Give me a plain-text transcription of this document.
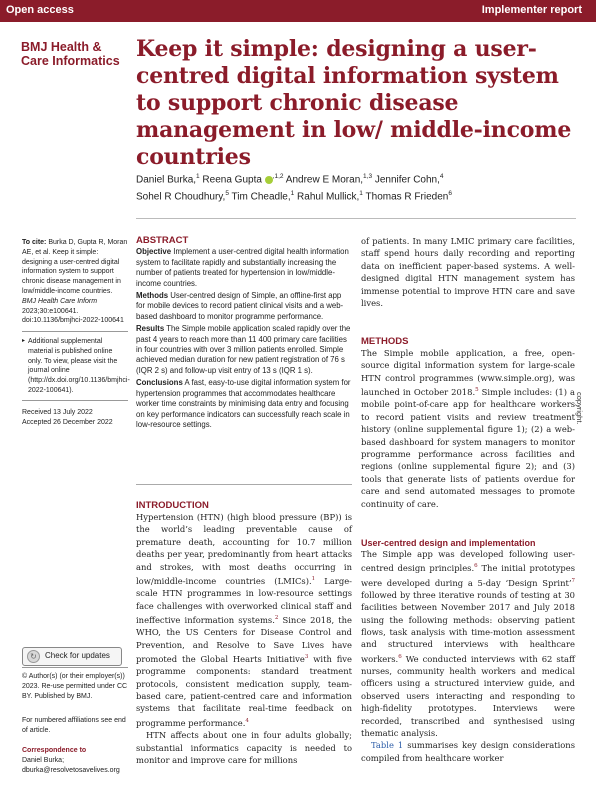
Open access	Implementer report
BMJ Health &
Care Informatics Keep it simple: designing a user-centred digital information system to support chronic disease management in low/ middle-income countries
Daniel Burka,$^1$ Reena Gupta $^{,1,2}$ Andrew E Moran,$^{1,3}$ Jennifer Cohn,$^4$
Sohel R Choudhury,$^5$ Tim Cheadle,$^1$ Rahul Mullick,$^1$ Thomas R Frieden$^6$

To cite: Burka D, Gupta R, Moran AE, et al. Keep it simple: designing a user-centred digital information system to support chronic disease management in low/middle-income countries. BMJ Health Care Inform 2023;30:e100641. doi:10.1136/bmjhci-2022-100641

▸ Additional supplemental material is published online only. To view, please visit the journal online (http://dx.doi.org/10.1136/bmjhci-2022-100641).

Received 13 July 2022

Accepted 26 December 2022

↻	Check for updates

© Author(s) (or their employer(s)) 2023. Re-use permitted under CC BY. Published by BMJ.

For numbered affiliations see end of article.

Correspondence to

Daniel Burka;

dburka@resolvetosavelives.org

ABSTRACT

Objective Implement a user-centred digital health information system to facilitate rapidly and substantially increasing the number of patients treated for hypertension in low/middle-income countries.

Methods User-centred design of Simple, an offline-first app for mobile devices to record patient clinical visits and a web-based dashboard to monitor programme performance.

Results The Simple mobile application scaled rapidly over the past 4 years to reach more than 11 400 primary care facilities in four countries with over 3 million patients enrolled. Simple achieved median duration for new patient registration of 76 s (IQR 2 s) and follow-up visit entry of 13 s (IQR 1 s).

Conclusions A fast, easy-to-use digital information system for hypertension programmes that accommodates healthcare worker time constraints by minimising data entry and focusing on key performance indicators can successfully reach scale in low-resource settings.

INTRODUCTION

Hypertension (HTN) (high blood pressure (BP)) is the world’s leading preventable cause of premature death, accounting for 10.7 million deaths per year, predominantly from heart attacks and strokes, with most deaths occurring in low/middle-income countries (LMICs).$^1$ Large-scale HTN programmes in low-resource settings face challenges with overworked clinical staff and ineffective information systems.$^2$ Since 2018, the WHO, the US Centers for Disease Control and Prevention, and Resolve to Save Lives have promoted the Global Hearts Initiative$^3$ with five programme components: standard treatment protocols, consistent medication supply, team-based care, patient-centred care and information systems that facilitate real-time feedback on programme performance.$^4$

HTN affects about one in four adults globally; substantial informatics capacity is needed to monitor and improve care for millions

of patients. In many LMIC primary care facilities, staff spend hours daily recording and reporting data on inefficient paper-based systems. A well-designed digital HTN management system has immense potential to improve HTN care and save lives.

METHODS

The Simple mobile application, a free, open-source digital information system for large-scale HTN control programmes (www.simple.org), was launched in October 2018.$^5$ Simple includes: (1) a mobile point-of-care app for healthcare workers to record patient visits and review treatment history (online supplemental figure 1); (2) a web-based dashboard for system managers to monitor programme performance across facilities and regions (online supplemental figure 2); and (3) tools that generate lists of patients overdue for care and send automated messages to promote continuity of care.

User-centred design and implementation

The Simple app was developed following user-centred design principles.$^6$ The initial prototypes were developed during a 5-day ‘Design Sprint’$^7$ followed by three iterative rounds of testing at 30 facilities between November 2017 and July 2018 using the following methods: observing patient flows, task analysis with time-motion assessment and structured interviews with healthcare workers.$^6$ We conducted interviews with 62 staff nurses, community health workers and medical officers using a structured interview guide, and observed users interacting and responding to high-fidelity prototypes. Interviews were recorded, transcribed and synthesised using thematic analysis.

Table 1 summarises key design considerations compiled from healthcare worker

copyright.
